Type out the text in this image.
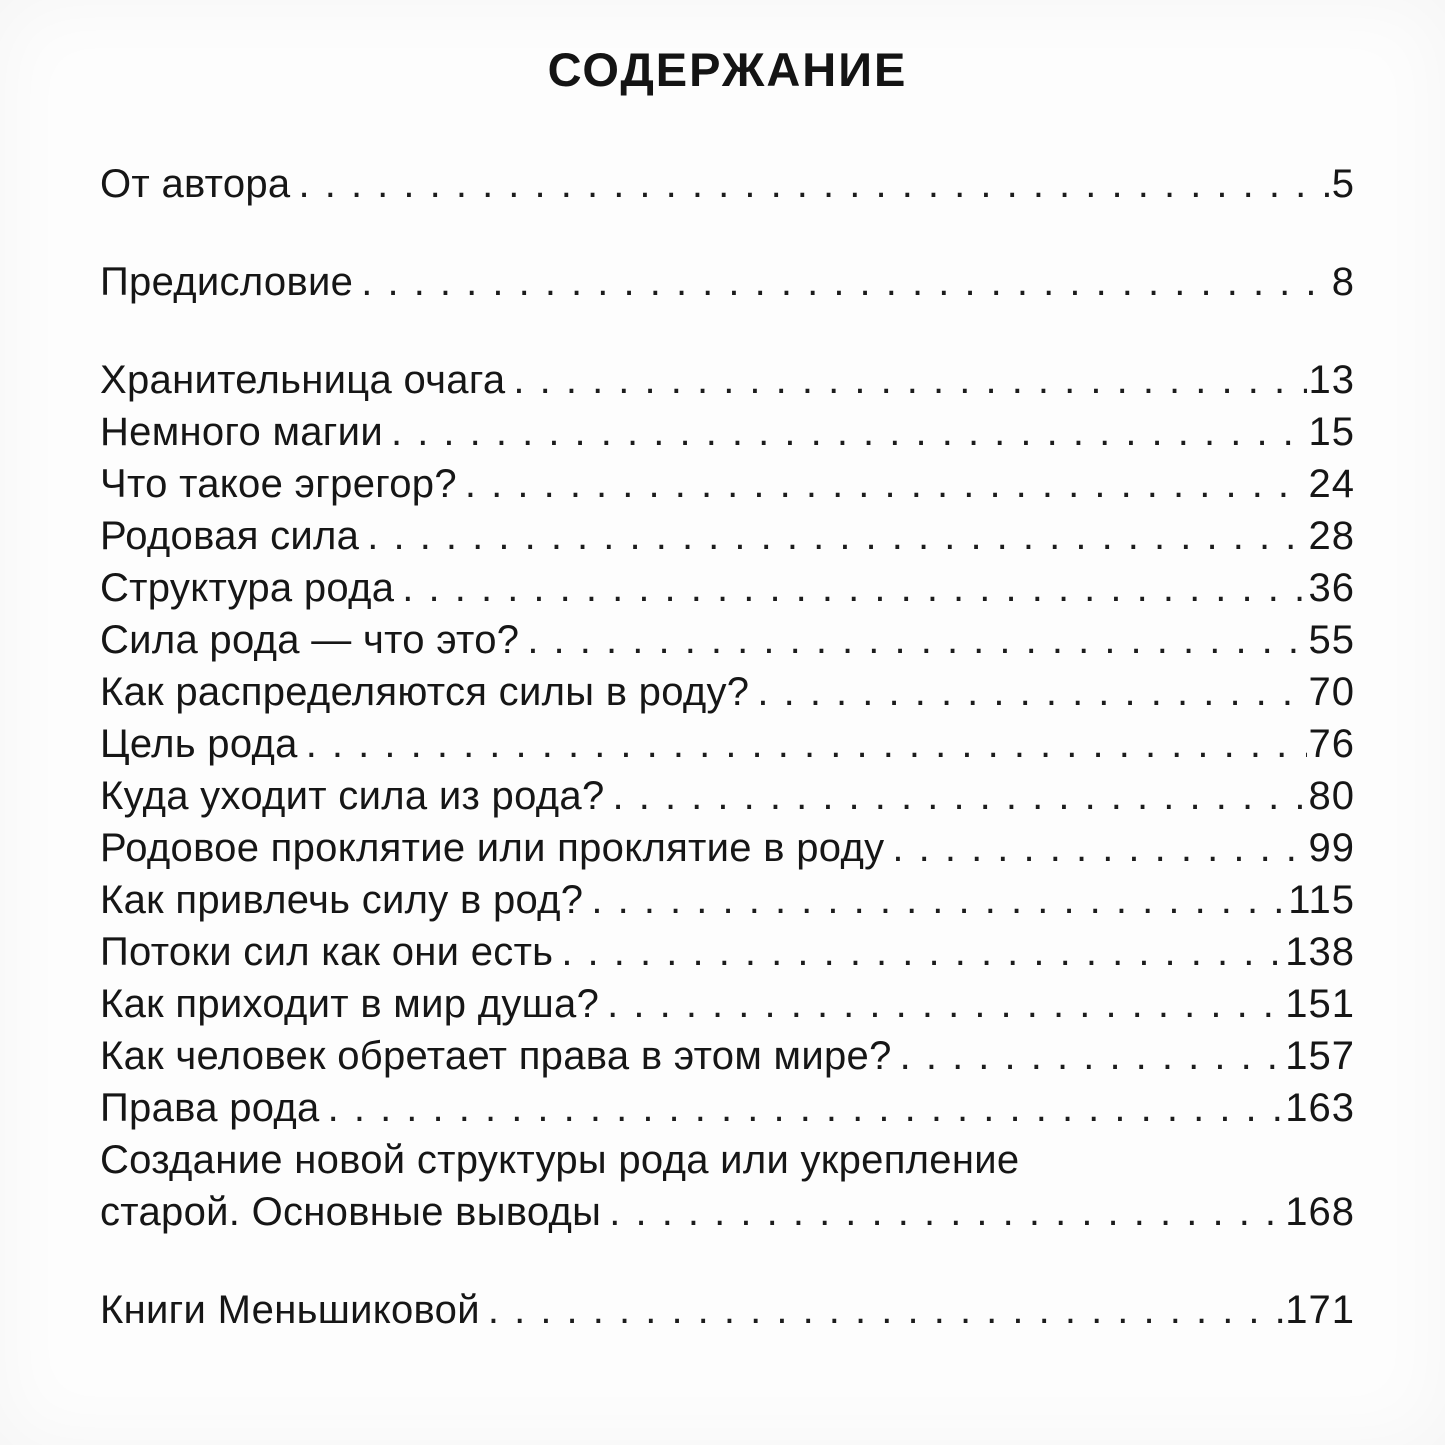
СОДЕРЖАНИЕ
От автора . . .	5
Предисловие . . .	8
Хранительница очага . . .	13
Немного магии . . .	15
Что такое эгрегор? . . .	24
Родовая сила . . .	28
Структура рода . . .	36
Сила рода — что это? . . .	55
Как распределяются силы в роду? . . .	70
Цель рода . . .	76
Куда уходит сила из рода? . . .	80
Родовое проклятие или проклятие в роду . . .	99
Как привлечь силу в род? . . .	115
Потоки сил как они есть . . .	138
Как приходит в мир душа? . . .	151
Как человек обретает права в этом мире? . . .	157
Права рода . . .	163
Создание новой структуры рода или укрепление
старой. Основные выводы . . .	168
Книги Меньшиковой . . .	171
